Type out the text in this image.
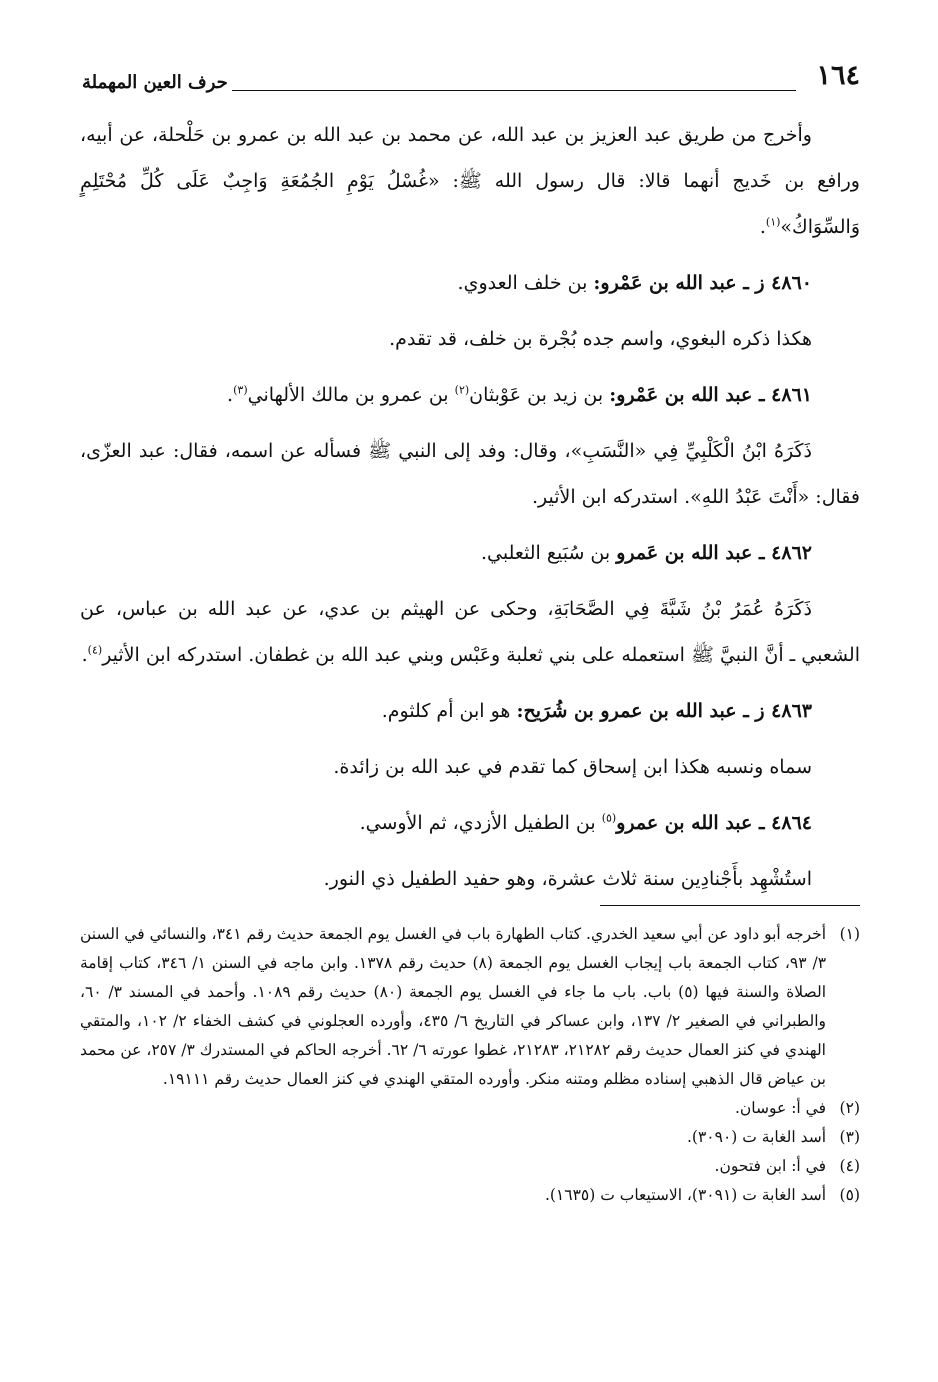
١٦٤
حرف العين المهملة

وأخرج من طريق عبد العزيز بن عبد الله، عن محمد بن عبد الله بن عمرو بن حَلْحلة، عن أبيه، ورافع بن خَديج أنهما قالا: قال رسول الله ﷺ: «غُسْلُ يَوْمِ الجُمُعَةِ وَاجِبٌ عَلَى كُلِّ مُحْتَلِمٍ وَالسِّوَاكُ»$^{(١)}$.

٤٨٦٠ ز ـ عبد الله بن عَمْرو: بن خلف العدوي.

هكذا ذكره البغوي، واسم جده بُجْرة بن خلف، قد تقدم.

٤٨٦١ ـ عبد الله بن عَمْرو: بن زيد بن عَوْبثان$^{(٢)}$ بن عمرو بن مالك الألهاني$^{(٣)}$.

ذَكَرَهُ ابْنُ الْكَلْبِيِّ فِي «النَّسَبِ»، وقال: وفد إلى النبي ﷺ فسأله عن اسمه، فقال: عبد العزّى، فقال: «أَنْتَ عَبْدُ اللهِ». استدركه ابن الأثير.

٤٨٦٢ ـ عبد الله بن عَمرو بن سُبَيع الثعلبي.

ذَكَرَهُ عُمَرُ بْنُ شَبَّةَ فِي الصَّحَابَةِ، وحكى عن الهيثم بن عدي، عن عبد الله بن عباس، عن الشعبي ـ أنَّ النبيَّ ﷺ استعمله على بني ثعلبة وعَبْس وبني عبد الله بن غطفان. استدركه ابن الأثير$^{(٤)}$.

٤٨٦٣ ز ـ عبد الله بن عمرو بن شُرَيح: هو ابن أم كلثوم.

سماه ونسبه هكذا ابن إسحاق كما تقدم في عبد الله بن زائدة.

٤٨٦٤ ـ عبد الله بن عمرو$^{(٥)}$ بن الطفيل الأزدي، ثم الأوسي.

استُشْهِد بأَجْنادِين سنة ثلاث عشرة، وهو حفيد الطفيل ذي النور.

(١)أخرجه أبو داود عن أبي سعيد الخدري. كتاب الطهارة باب في الغسل يوم الجمعة حديث رقم ٣٤١، والنسائي في السنن ٣/ ٩٣، كتاب الجمعة باب إيجاب الغسل يوم الجمعة (٨) حديث رقم ١٣٧٨. وابن ماجه في السنن ١/ ٣٤٦، كتاب إقامة الصلاة والسنة فيها (٥) باب. باب ما جاء في الغسل يوم الجمعة (٨٠) حديث رقم ١٠٨٩. وأحمد في المسند ٣/ ٦٠، والطبراني في الصغير ٢/ ١٣٧، وابن عساكر في التاريخ ٦/ ٤٣٥، وأورده العجلوني في كشف الخفاء ٢/ ١٠٢، والمتقي الهندي في كنز العمال حديث رقم ٢١٢٨٢، ٢١٢٨٣، غطوا عورته ٦/ ٦٢. أخرجه الحاكم في المستدرك ٣/ ٢٥٧، عن محمد بن عياض قال الذهبي إسناده مظلم ومتنه منكر. وأورده المتقي الهندي في كنز العمال حديث رقم ١٩١١١.

(٢)في أ: عوسان.

(٣)أسد الغابة ت (٣٠٩٠).

(٤)في أ: ابن فتحون.

(٥)أسد الغابة ت (٣٠٩١)، الاستيعاب ت (١٦٣٥).
